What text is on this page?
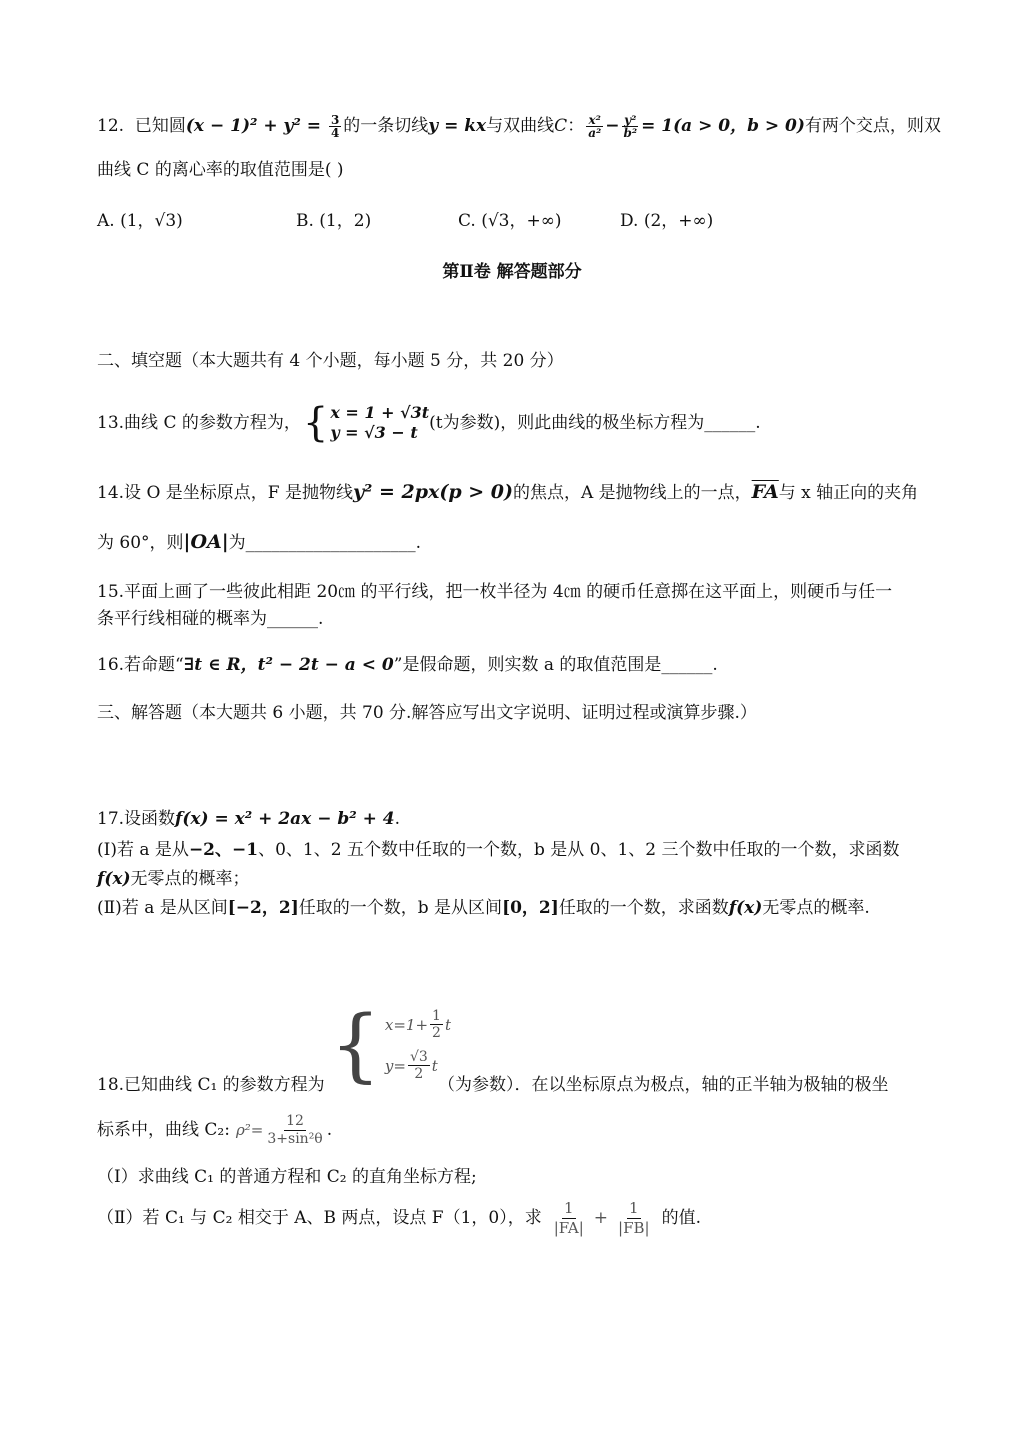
12. 已知圆$(x - 1)^2 + y^2 = \frac{3}{4}$ 的一条切线y = kx与双曲线C： $\frac{\text{x²}}{\text{a²}} - \frac{\text{y²}}{\text{b²}} = 1(a > 0$，b > 0)有两个交点，则双
曲线 C 的离心率的取值范围是( )
A. (1，√3)	B. (1，2)	C. (√3，+∞)	D. (2，+∞)
第Ⅱ卷 解答题部分
二、填空题（本大题共有 4 个小题，每小题 5 分，共 20 分）
13.曲线 C 的参数方程为， { x = 1 + √3t
y = √3 − t (t为参数)，则此曲线的极坐标方程为______.
14.设 O 是坐标原点，F 是抛物线y² = 2px(p > 0)的焦点，A 是抛物线上的一点，$\overline{FA}$与 x 轴正向的夹角
为 60°，则|OA|为____________________.
15.平面上画了一些彼此相距 20㎝ 的平行线，把一枚半径为 4㎝ 的硬币任意掷在这平面上，则硬币与任一
条平行线相碰的概率为______.
16.若命题“∃t ∈ R，t² − 2t − a < 0”是假命题，则实数 a 的取值范围是______.
三、解答题（本大题共 6 小题，共 70 分.解答应写出文字说明、证明过程或演算步骤.）
17.设函数f(x) = x² + 2ax − b² + 4.
(Ⅰ)若 a 是从−2、−1、0、1、2 五个数中任取的一个数，b 是从 0、1、2 三个数中任取的一个数，求函数
f(x)无零点的概率；
(Ⅱ)若 a 是从区间[−2，2]任取的一个数，b 是从区间[0，2]任取的一个数，求函数f(x)无零点的概率.
{ $x=1+ \frac{1}{2}$ t
$y= \frac{√3}{2}$ t
18.已知曲线 C₁ 的参数方程为	（为参数）．在以坐标原点为极点，轴的正半轴为极轴的极坐
标系中，曲线 C₂: $\rho^2= \frac{12}{\text{3+sin²θ}}$ .
（Ⅰ）求曲线 C₁ 的普通方程和 C₂ 的直角坐标方程;
（Ⅱ）若 C₁ 与 C₂ 相交于 A、B 两点，设点 F（1，0），求 $\frac{1}{|FA|} + \frac{1}{|FB|}$ 的值.
